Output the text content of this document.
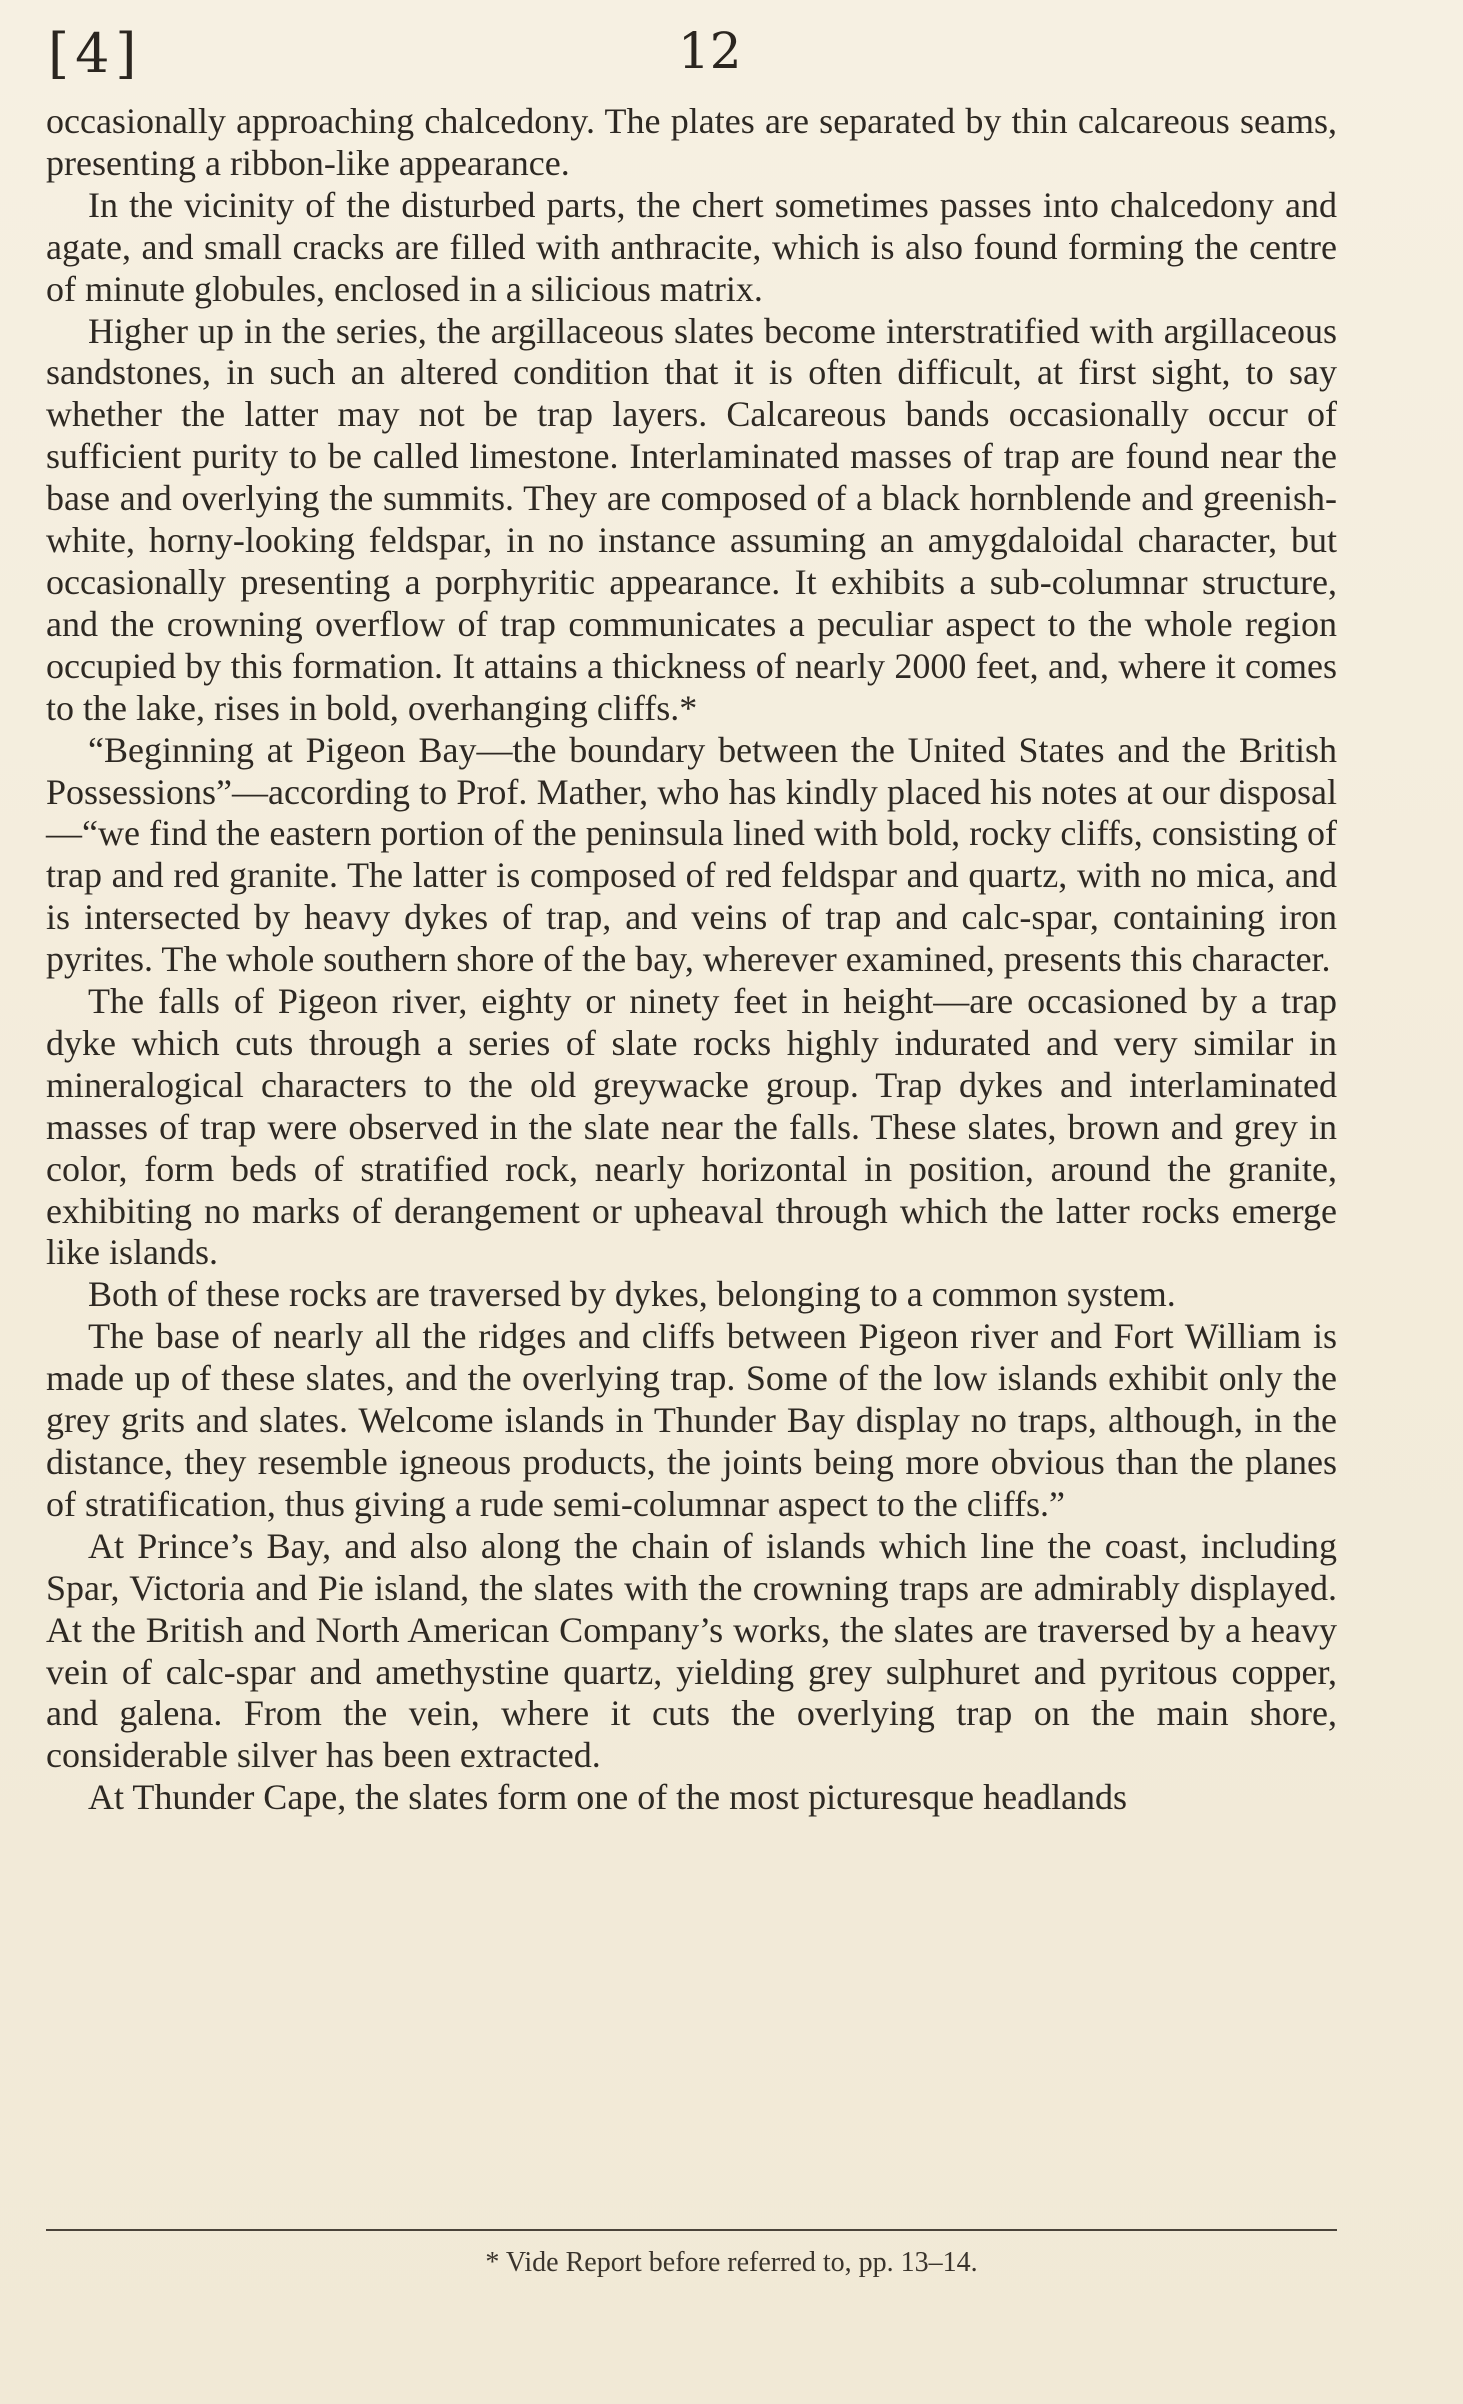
[4]	12

occasionally approaching chalcedony. The plates are separated by thin calcareous seams, presenting a ribbon-like appearance.

In the vicinity of the disturbed parts, the chert sometimes passes into chalcedony and agate, and small cracks are filled with anthracite, which is also found forming the centre of minute globules, enclosed in a silicious matrix.

Higher up in the series, the argillaceous slates become interstratified with argillaceous sandstones, in such an altered condition that it is often difficult, at first sight, to say whether the latter may not be trap layers. Calcareous bands occasionally occur of sufficient purity to be called limestone. Interlaminated masses of trap are found near the base and overlying the summits. They are composed of a black hornblende and greenish-white, horny-looking feldspar, in no instance assuming an amygdaloidal character, but occasionally presenting a porphyritic appearance. It exhibits a sub-columnar structure, and the crowning overflow of trap communicates a peculiar aspect to the whole region occupied by this formation. It attains a thickness of nearly 2000 feet, and, where it comes to the lake, rises in bold, overhanging cliffs.*

“Beginning at Pigeon Bay—the boundary between the United States and the British Possessions”—according to Prof. Mather, who has kindly placed his notes at our disposal—“we find the eastern portion of the peninsula lined with bold, rocky cliffs, consisting of trap and red granite. The latter is composed of red feldspar and quartz, with no mica, and is intersected by heavy dykes of trap, and veins of trap and calc-spar, containing iron pyrites. The whole southern shore of the bay, wherever examined, presents this character.

The falls of Pigeon river, eighty or ninety feet in height—are occasioned by a trap dyke which cuts through a series of slate rocks highly indurated and very similar in mineralogical characters to the old greywacke group. Trap dykes and interlaminated masses of trap were observed in the slate near the falls. These slates, brown and grey in color, form beds of stratified rock, nearly horizontal in position, around the granite, exhibiting no marks of derangement or upheaval through which the latter rocks emerge like islands.

Both of these rocks are traversed by dykes, belonging to a common system.

The base of nearly all the ridges and cliffs between Pigeon river and Fort William is made up of these slates, and the overlying trap. Some of the low islands exhibit only the grey grits and slates. Welcome islands in Thunder Bay display no traps, although, in the distance, they resemble igneous products, the joints being more obvious than the planes of stratification, thus giving a rude semi-columnar aspect to the cliffs.”

At Prince’s Bay, and also along the chain of islands which line the coast, including Spar, Victoria and Pie island, the slates with the crowning traps are admirably displayed. At the British and North American Company’s works, the slates are traversed by a heavy vein of calc-spar and amethystine quartz, yielding grey sulphuret and pyritous copper, and galena. From the vein, where it cuts the overlying trap on the main shore, considerable silver has been extracted.

At Thunder Cape, the slates form one of the most picturesque headlands

* Vide Report before referred to, pp. 13–14.
